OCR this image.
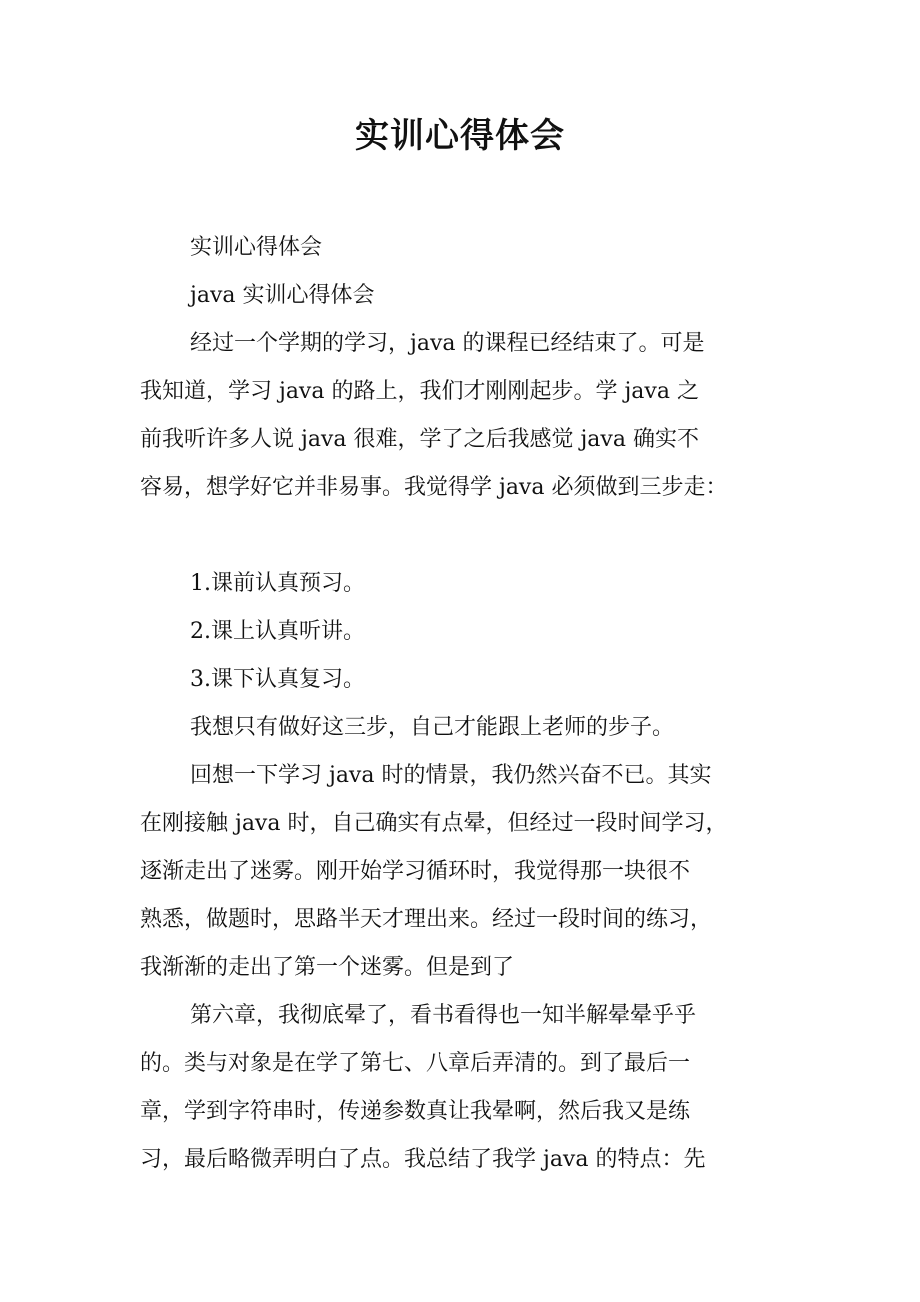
实训心得体会
实训心得体会
java 实训心得体会
经过一个学期的学习，java 的课程已经结束了。可是
我知道，学习 java 的路上，我们才刚刚起步。学 java 之
前我听许多人说 java 很难，学了之后我感觉 java 确实不
容易，想学好它并非易事。我觉得学 java 必须做到三步走：
1.课前认真预习。
2.课上认真听讲。
3.课下认真复习。
我想只有做好这三步，自己才能跟上老师的步子。
回想一下学习 java 时的情景，我仍然兴奋不已。其实
在刚接触 java 时，自己确实有点晕，但经过一段时间学习，
逐渐走出了迷雾。刚开始学习循环时，我觉得那一块很不
熟悉，做题时，思路半天才理出来。经过一段时间的练习，
我渐渐的走出了第一个迷雾。但是到了
第六章，我彻底晕了，看书看得也一知半解晕晕乎乎
的。类与对象是在学了第七、八章后弄清的。到了最后一
章，学到字符串时，传递参数真让我晕啊，然后我又是练
习，最后略微弄明白了点。我总结了我学 java 的特点：先
